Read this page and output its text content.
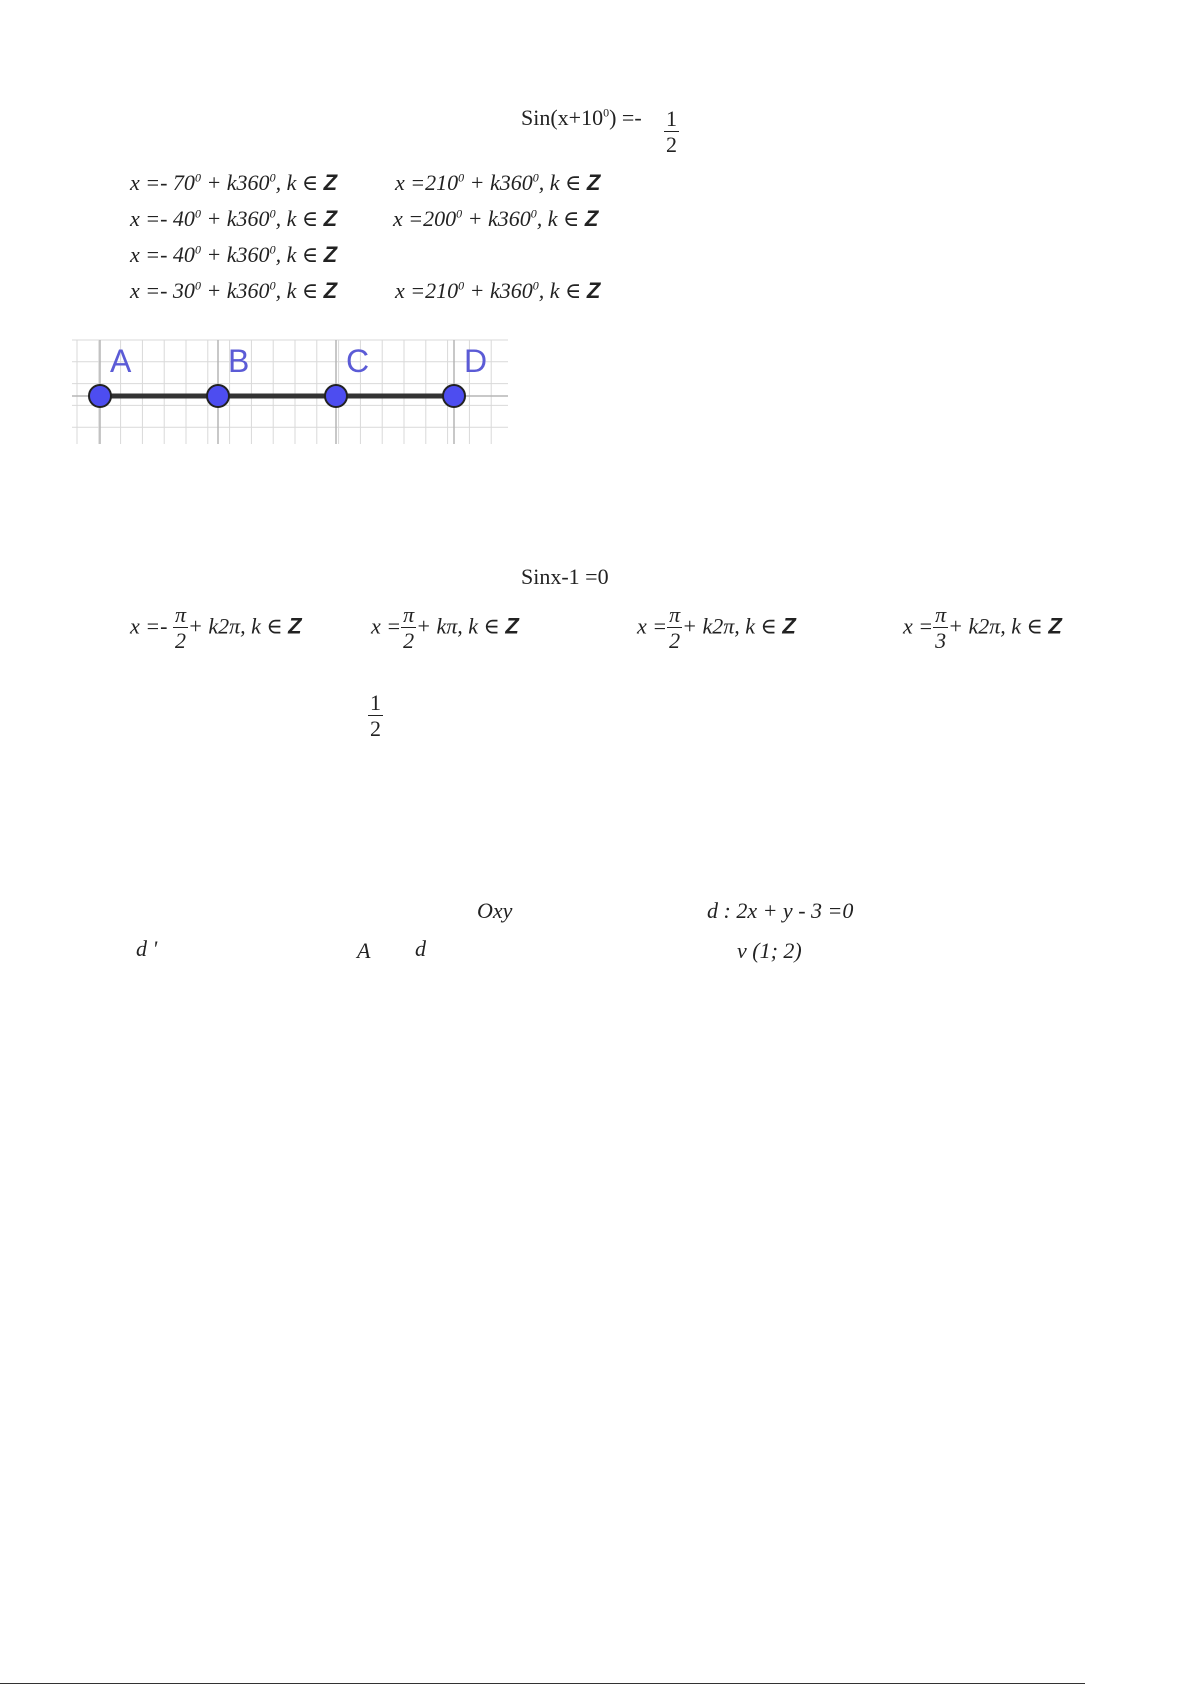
$Sin(x+10^0) =- \frac{1}{2}$
$x =- 70^0 + k360^0$, k ∈ Z	$x =210^0 + k360^0$, k ∈ Z
$x =- 40^0 + k360^0$, k ∈ Z	$x =200^0 + k360^0$, k ∈ Z
$x =- 40^0 + k360^0$, k ∈ Z
$x =- 30^0 + k360^0$, k ∈ Z	$x =210^0 + k360^0$, k ∈ Z
A	B	C	D
Sinx-1 =0
$x =- \frac{\pi}{2} + k2\pi$, k ∈ Z	$x = \frac{\pi}{2} + k\pi$, k ∈ Z	$x = \frac{\pi}{2} + k2\pi$, k ∈ Z	$x = \frac{\pi}{3} + k2\pi$, k ∈ Z
$\frac{1}{2}$
Oxy	d : 2x + y - 3 =0
d '	A d	v (1; 2)
